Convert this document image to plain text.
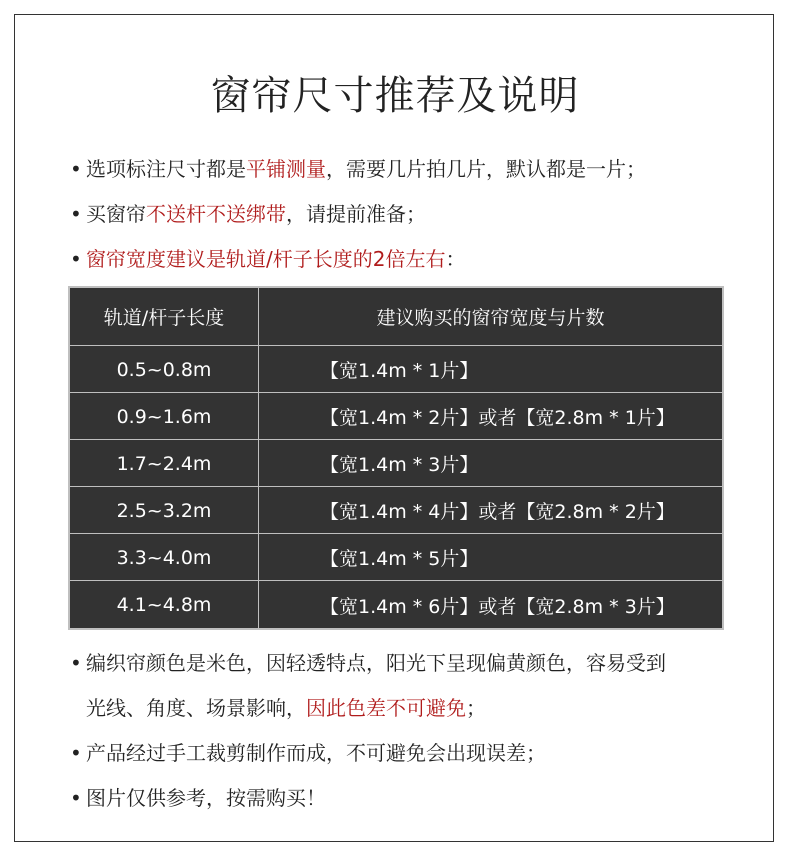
窗帘尺寸推荐及说明
• 选项标注尺寸都是平铺测量，需要几片拍几片，默认都是一片；
• 买窗帘不送杆不送绑带，请提前准备；
• 窗帘宽度建议是轨道/杆子长度的2倍左右：
轨道/杆子长度	建议购买的窗帘宽度与片数
0.5~0.8m	【宽1.4m * 1片】
0.9~1.6m	【宽1.4m * 2片】或者【宽2.8m * 1片】
1.7~2.4m	【宽1.4m * 3片】
2.5~3.2m	【宽1.4m * 4片】或者【宽2.8m * 2片】
3.3~4.0m	【宽1.4m * 5片】
4.1~4.8m	【宽1.4m * 6片】或者【宽2.8m * 3片】
• 编织帘颜色是米色，因轻透特点，阳光下呈现偏黄颜色，容易受到
光线、角度、场景影响，因此色差不可避免；
• 产品经过手工裁剪制作而成，不可避免会出现误差；
• 图片仅供参考，按需购买！
